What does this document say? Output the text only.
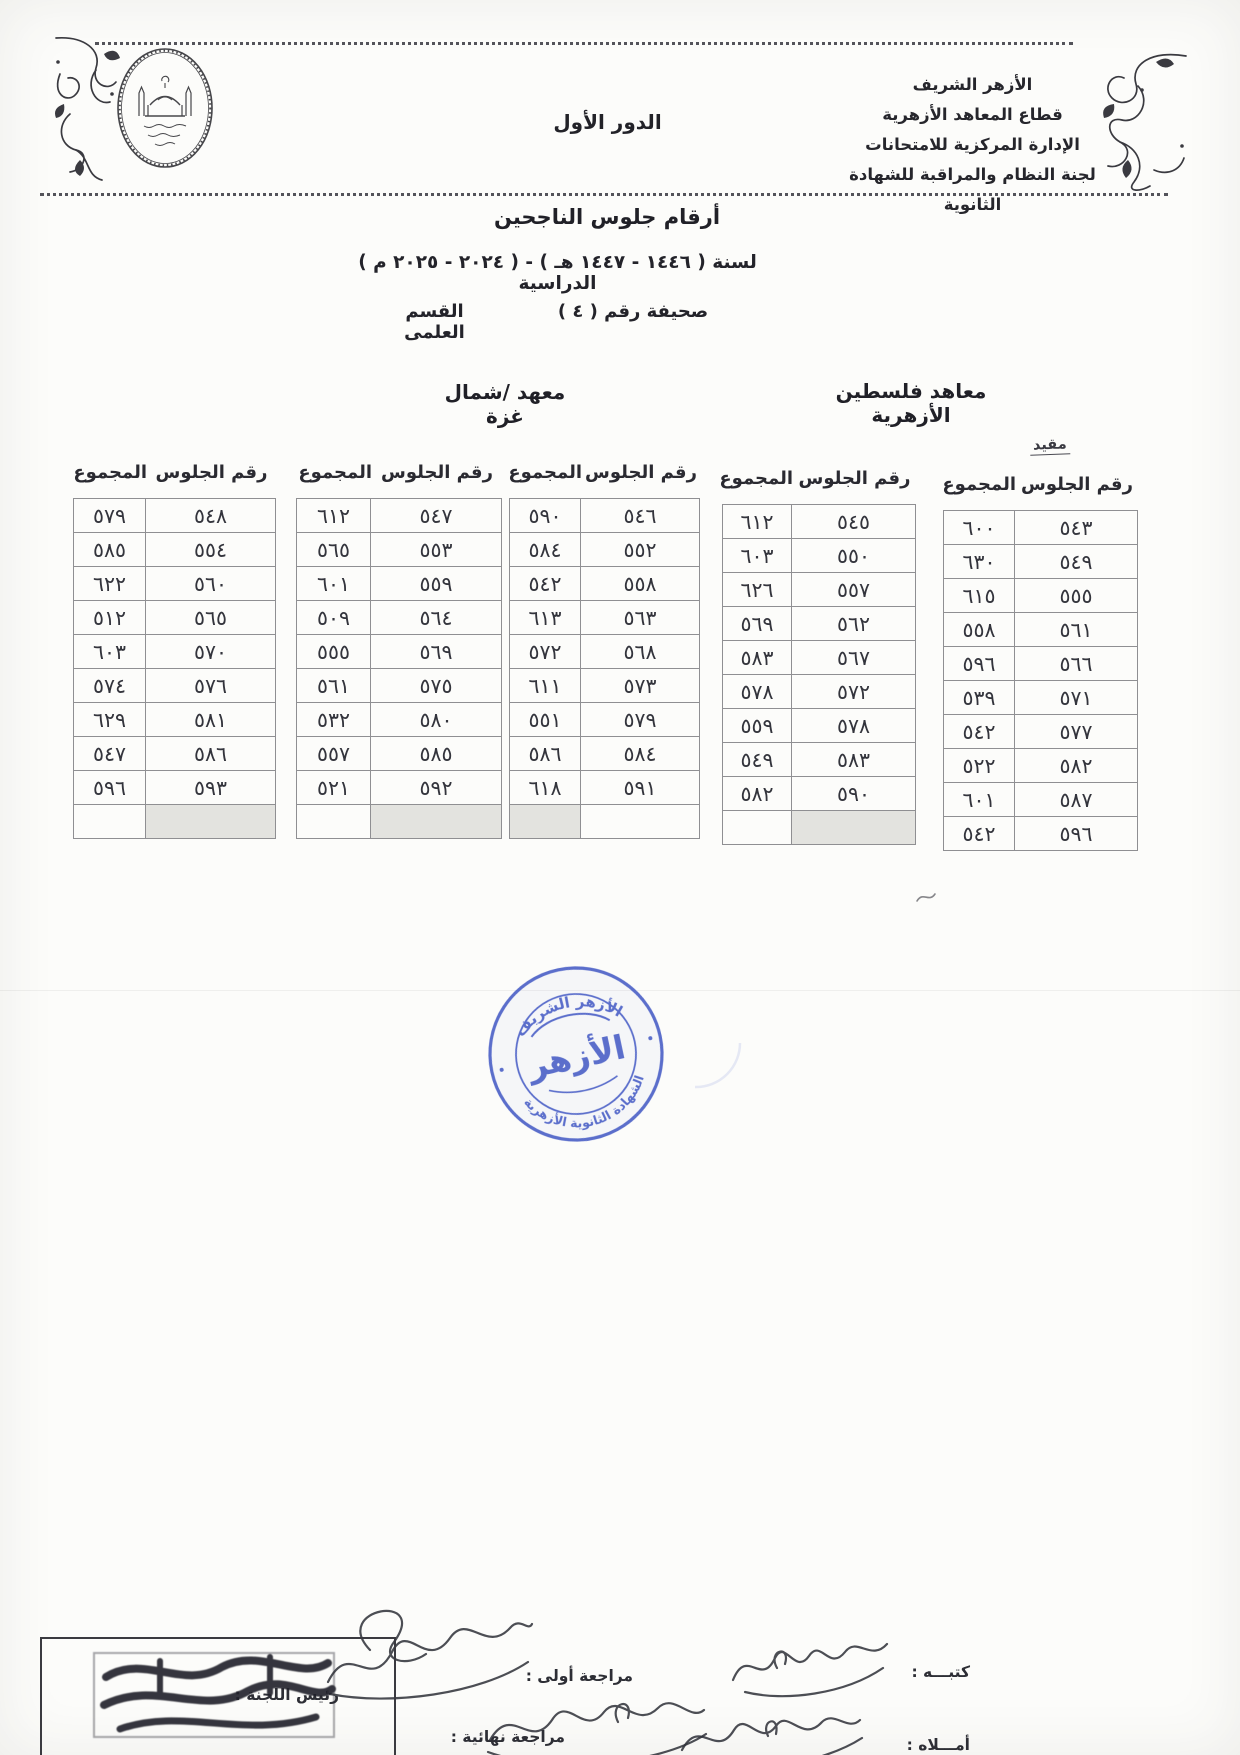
الأزهر الشريف
قطاع المعاهد الأزهرية
الإدارة المركزية للامتحانات
لجنة النظام والمراقبة للشهادة الثانوية
الدور الأول
أرقام جلوس الناجحين
لسنة ( ١٤٤٦ - ١٤٤٧ هـ ) - ( ٢٠٢٤ - ٢٠٢٥ م ) الدراسية
صحيفة رقم ( ٤ )
القسم العلمى
معاهد فلسطين الأزهرية
معهد /شمال غزة
مقيد
رقم الجلوس
المجموع
٦٠٠	٥٤٣
٦٣٠	٥٤٩
٦١٥	٥٥٥
٥٥٨	٥٦١
٥٩٦	٥٦٦
٥٣٩	٥٧١
٥٤٢	٥٧٧
٥٢٢	٥٨٢
٦٠١	٥٨٧
٥٤٢	٥٩٦
رقم الجلوس
المجموع
٦١٢	٥٤٥
٦٠٣	٥٥٠
٦٢٦	٥٥٧
٥٦٩	٥٦٢
٥٨٣	٥٦٧
٥٧٨	٥٧٢
٥٥٩	٥٧٨
٥٤٩	٥٨٣
٥٨٢	٥٩٠

رقم الجلوس
المجموع
٥٩٠	٥٤٦
٥٨٤	٥٥٢
٥٤٢	٥٥٨
٦١٣	٥٦٣
٥٧٢	٥٦٨
٦١١	٥٧٣
٥٥١	٥٧٩
٥٨٦	٥٨٤
٦١٨	٥٩١

رقم الجلوس
المجموع
٦١٢	٥٤٧
٥٦٥	٥٥٣
٦٠١	٥٥٩
٥٠٩	٥٦٤
٥٥٥	٥٦٩
٥٦١	٥٧٥
٥٣٢	٥٨٠
٥٥٧	٥٨٥
٥٢١	٥٩٢

رقم الجلوس
المجموع
٥٧٩	٥٤٨
٥٨٥	٥٥٤
٦٢٢	٥٦٠
٥١٢	٥٦٥
٦٠٣	٥٧٠
٥٧٤	٥٧٦
٦٢٩	٥٨١
٥٤٧	٥٨٦
٥٩٦	٥٩٣

الأزهر الشريف
الشهادة الثانوية الأزهرية
الأزهر
كتبـــه :
أمـــلاه :
مراجعة أولى :
مراجعة نهائية :
رئيس اللجنة :
